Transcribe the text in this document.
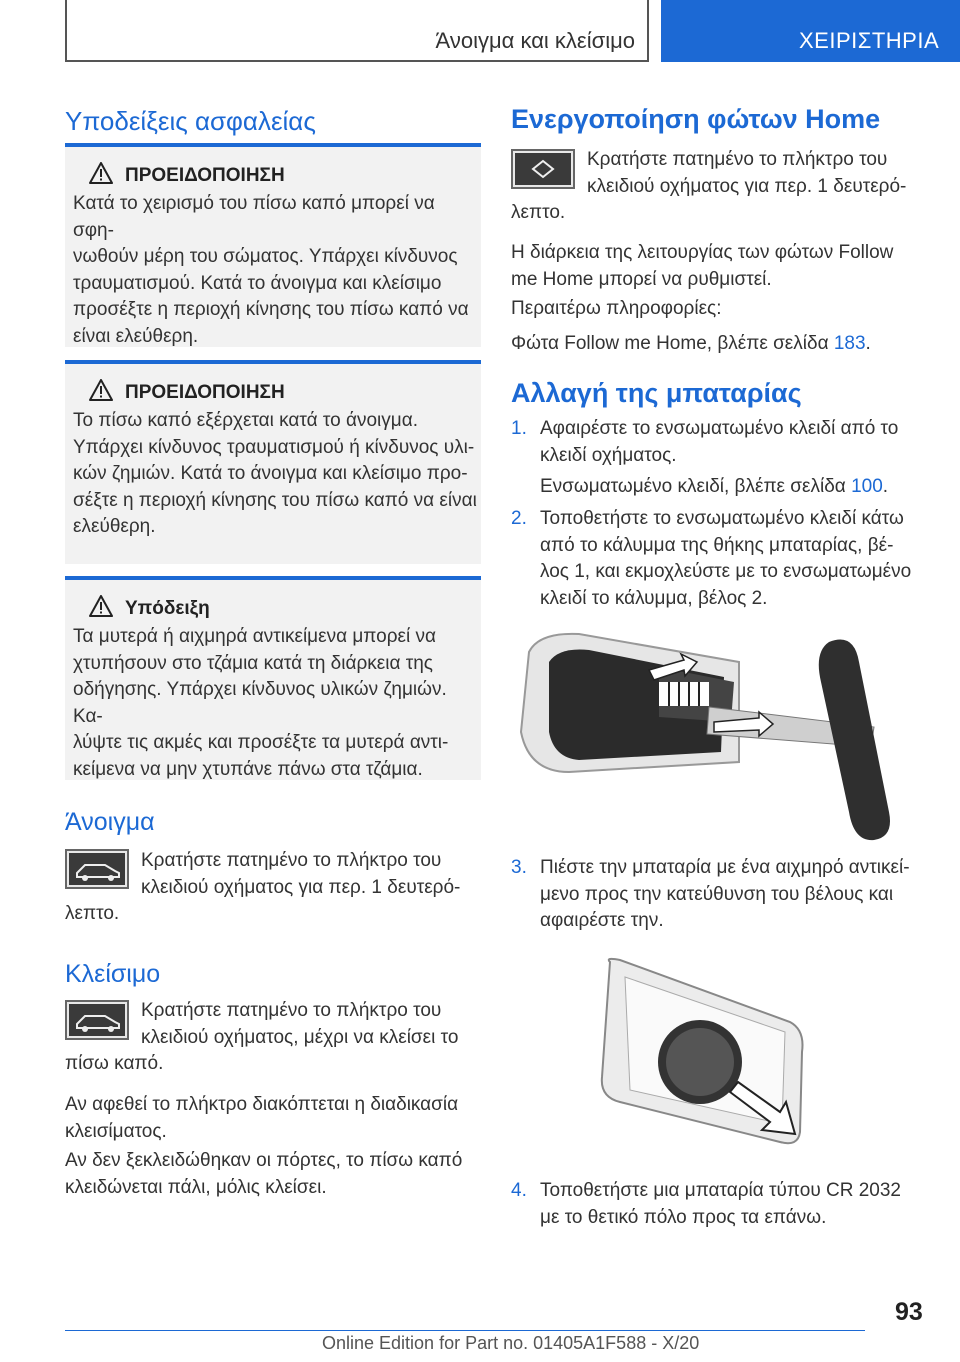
Άνοιγμα και κλείσιμο	ΧΕΙΡΙΣΤΗΡΙΑ
Υποδείξεις ασφαλείας
ΠΡΟΕΙΔΟΠΟΙΗΣΗ
Κατά το χειρισμό του πίσω καπό μπορεί να σφη-
νωθούν μέρη του σώματος. Υπάρχει κίνδυνος
τραυματισμού. Κατά το άνοιγμα και κλείσιμο
προσέξτε η περιοχή κίνησης του πίσω καπό να
είναι ελεύθερη.
ΠΡΟΕΙΔΟΠΟΙΗΣΗ
Το πίσω καπό εξέρχεται κατά το άνοιγμα.
Υπάρχει κίνδυνος τραυματισμού ή κίνδυνος υλι-
κών ζημιών. Κατά το άνοιγμα και κλείσιμο προ-
σέξτε η περιοχή κίνησης του πίσω καπό να είναι
ελεύθερη.
Υπόδειξη
Τα μυτερά ή αιχμηρά αντικείμενα μπορεί να
χτυπήσουν στο τζάμια κατά τη διάρκεια της
οδήγησης. Υπάρχει κίνδυνος υλικών ζημιών. Κα-
λύψτε τις ακμές και προσέξτε τα μυτερά αντι-
κείμενα να μην χτυπάνε πάνω στα τζάμια.
Άνοιγμα
Κρατήστε πατημένο το πλήκτρο του
κλειδιού οχήματος για περ. 1 δευτερό-
λεπτο.
Κλείσιμο
Κρατήστε πατημένο το πλήκτρο του
κλειδιού οχήματος, μέχρι να κλείσει το
πίσω καπό.
Αν αφεθεί το πλήκτρο διακόπτεται η διαδικασία
κλεισίματος.
Αν δεν ξεκλειδώθηκαν οι πόρτες, το πίσω καπό
κλειδώνεται πάλι, μόλις κλείσει.
Ενεργοποίηση φώτων Home
Κρατήστε πατημένο το πλήκτρο του
κλειδιού οχήματος για περ. 1 δευτερό-
λεπτο.
Η διάρκεια της λειτουργίας των φώτων Follow
me Home μπορεί να ρυθμιστεί.
Περαιτέρω πληροφορίες:
Φώτα Follow me Home, βλέπε σελίδα 183.
Αλλαγή της μπαταρίας
1. Αφαιρέστε το ενσωματωμένο κλειδί από το
κλειδί οχήματος.
Ενσωματωμένο κλειδί, βλέπε σελίδα 100.
2. Τοποθετήστε το ενσωματωμένο κλειδί κάτω
από το κάλυμμα της θήκης μπαταρίας, βέ-
λος 1, και εκμοχλεύστε με το ενσωματωμένο
κλειδί το κάλυμμα, βέλος 2.
3. Πιέστε την μπαταρία με ένα αιχμηρό αντικεί-
μενο προς την κατεύθυνση του βέλους και
αφαιρέστε την.
4. Τοποθετήστε μια μπαταρία τύπου CR 2032
με το θετικό πόλο προς τα επάνω.
93
Online Edition for Part no. 01405A1F588 - X/20
